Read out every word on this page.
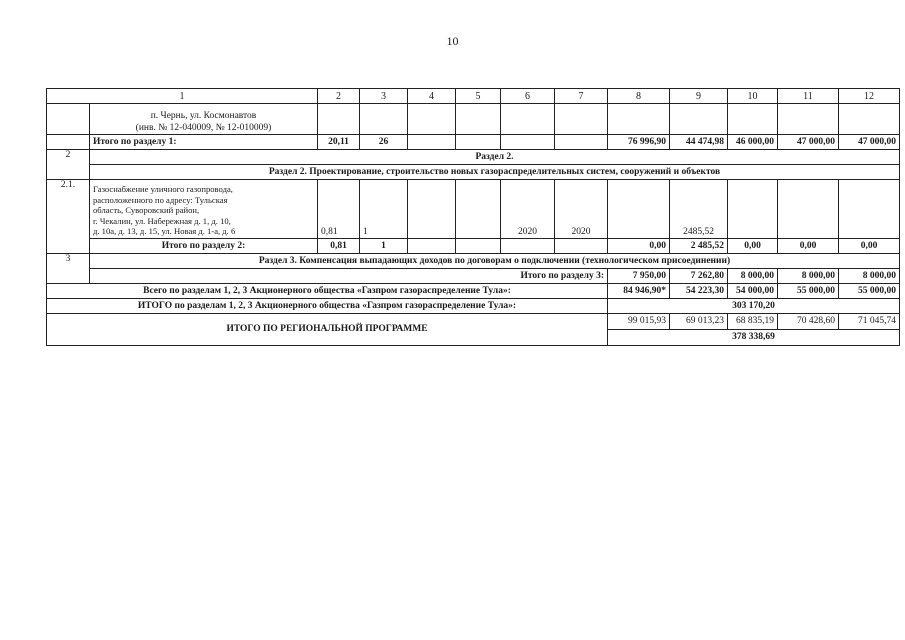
10
1		2	3	4	5	6	7	8	9	10	11	12

	п. Чернь, ул. Космонавтов
(инв. № 12-040009, № 12-010009)											

	Итого по разделу 1:	20,11	26					76 996,90	44 474,98	46 000,00	47 000,00	47 000,00
2	Раздел 2.											
	Раздел 2. Проектирование, строительство новых газораспределительных систем, сооружений и объектов											
2.1.	Газоснабжение уличного газопровода,
расположенного по адресу: Тульская
область, Суворовский район,
г. Чекалин, ул. Набережная д. 1, д. 10,
д. 10а, д. 13, д. 15, ул. Новая д. 1-а, д. 6	0,81	1			2020	2020		2485,52			
	Итого по разделу 2:	0,81	1					0,00	2 485,52	0,00	0,00	0,00
3	Раздел 3. Компенсация выпадающих доходов по договорам о подключении (технологическом присоединении)											
	Итого по разделу 3:							7 950,00	7 262,80	8 000,00	8 000,00	8 000,00
Всего по разделам 1, 2, 3 Акционерного общества «Газпром газораспределение Тула»:								84 946,90*	54 223,30	54 000,00	55 000,00	55 000,00
ИТОГО по разделам 1, 2, 3 Акционерного общества «Газпром газораспределение Тула»:								303 170,20				
ИТОГО ПО РЕГИОНАЛЬНОЙ ПРОГРАММЕ								99 015,93	69 013,23	68 835,19	70 428,60	71 045,74
								378 338,69				
